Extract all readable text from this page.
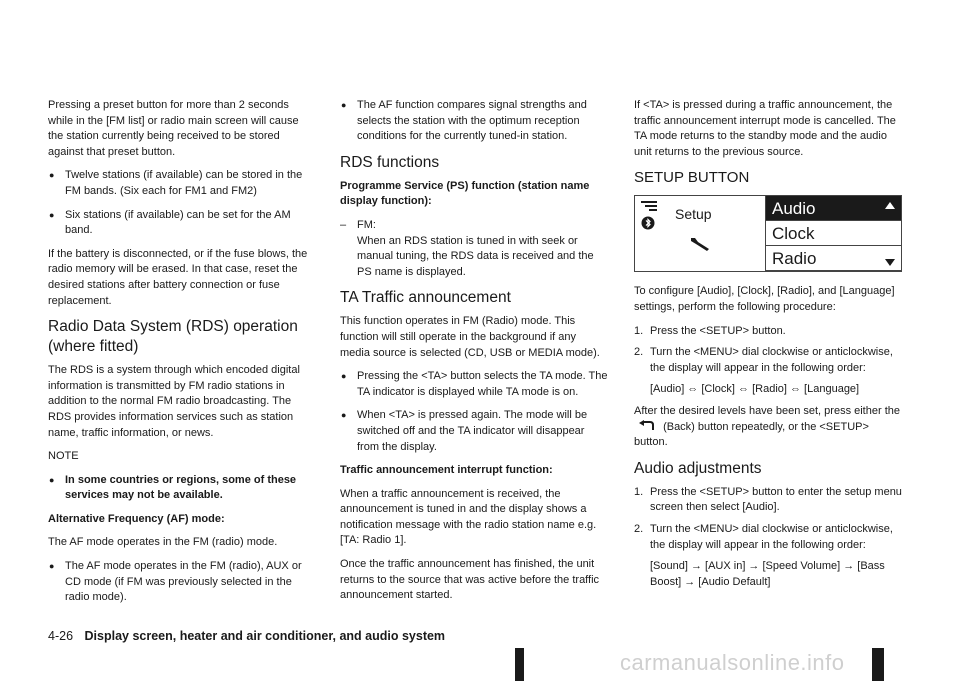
Pressing a preset button for more than 2 seconds while in the [FM list] or radio main screen will cause the station currently being received to be stored against that preset button.

● Twelve stations (if available) can be stored in the FM bands. (Six each for FM1 and FM2)
● Six stations (if available) can be set for the AM band.

If the battery is disconnected, or if the fuse blows, the radio memory will be erased. In that case, reset the desired stations after battery connection or fuse replacement.

Radio Data System (RDS) operation (where fitted)

The RDS is a system through which encoded digital information is transmitted by FM radio stations in addition to the normal FM radio broadcasting. The RDS provides information services such as station name, traffic information, or news.

NOTE

● In some countries or regions, some of these services may not be available.

Alternative Frequency (AF) mode:

The AF mode operates in the FM (radio) mode.

● The AF mode operates in the FM (radio), AUX or CD mode (if FM was previously selected in the radio mode).
● The AF function compares signal strengths and selects the station with the optimum reception conditions for the currently tuned-in station.
RDS functions

Programme Service (PS) function (station name display function):

– FM:
When an RDS station is tuned in with seek or manual tuning, the RDS data is received and the PS name is displayed.
TA Traffic announcement

This function operates in FM (Radio) mode. This function will still operate in the background if any media source is selected (CD, USB or MEDIA mode).

● Pressing the <TA> button selects the TA mode. The TA indicator is displayed while TA mode is on.
● When <TA> is pressed again. The mode will be switched off and the TA indicator will disappear from the display.

Traffic announcement interrupt function:

When a traffic announcement is received, the announcement is tuned in and the display shows a notification message with the radio station name e.g. [TA: Radio 1].

Once the traffic announcement has finished, the unit returns to the source that was active before the traffic announcement started.

If <TA> is pressed during a traffic announcement, the traffic announcement interrupt mode is cancelled. The TA mode returns to the standby mode and the audio unit returns to the previous source.

SETUP BUTTON
Setup	Audio
Clock
Radio

To configure [Audio], [Clock], [Radio], and [Language] settings, perform the following procedure:

1. Press the <SETUP> button.
2. Turn the <MENU> dial clockwise or anticlockwise, the display will appear in the following order:

[Audio] ⇔ [Clock] ⇔ [Radio] ⇔ [Language]

After the desired levels have been set, press either the  (Back) button repeatedly, or the <SETUP> button.

Audio adjustments
1. Press the <SETUP> button to enter the setup menu screen then select [Audio].
2. Turn the <MENU> dial clockwise or anticlockwise, the display will appear in the following order:

[Sound] → [AUX in] → [Speed Volume] → [Bass Boost] → [Audio Default]

4-26 Display screen, heater and air conditioner, and audio system
carmanualsonline.info
